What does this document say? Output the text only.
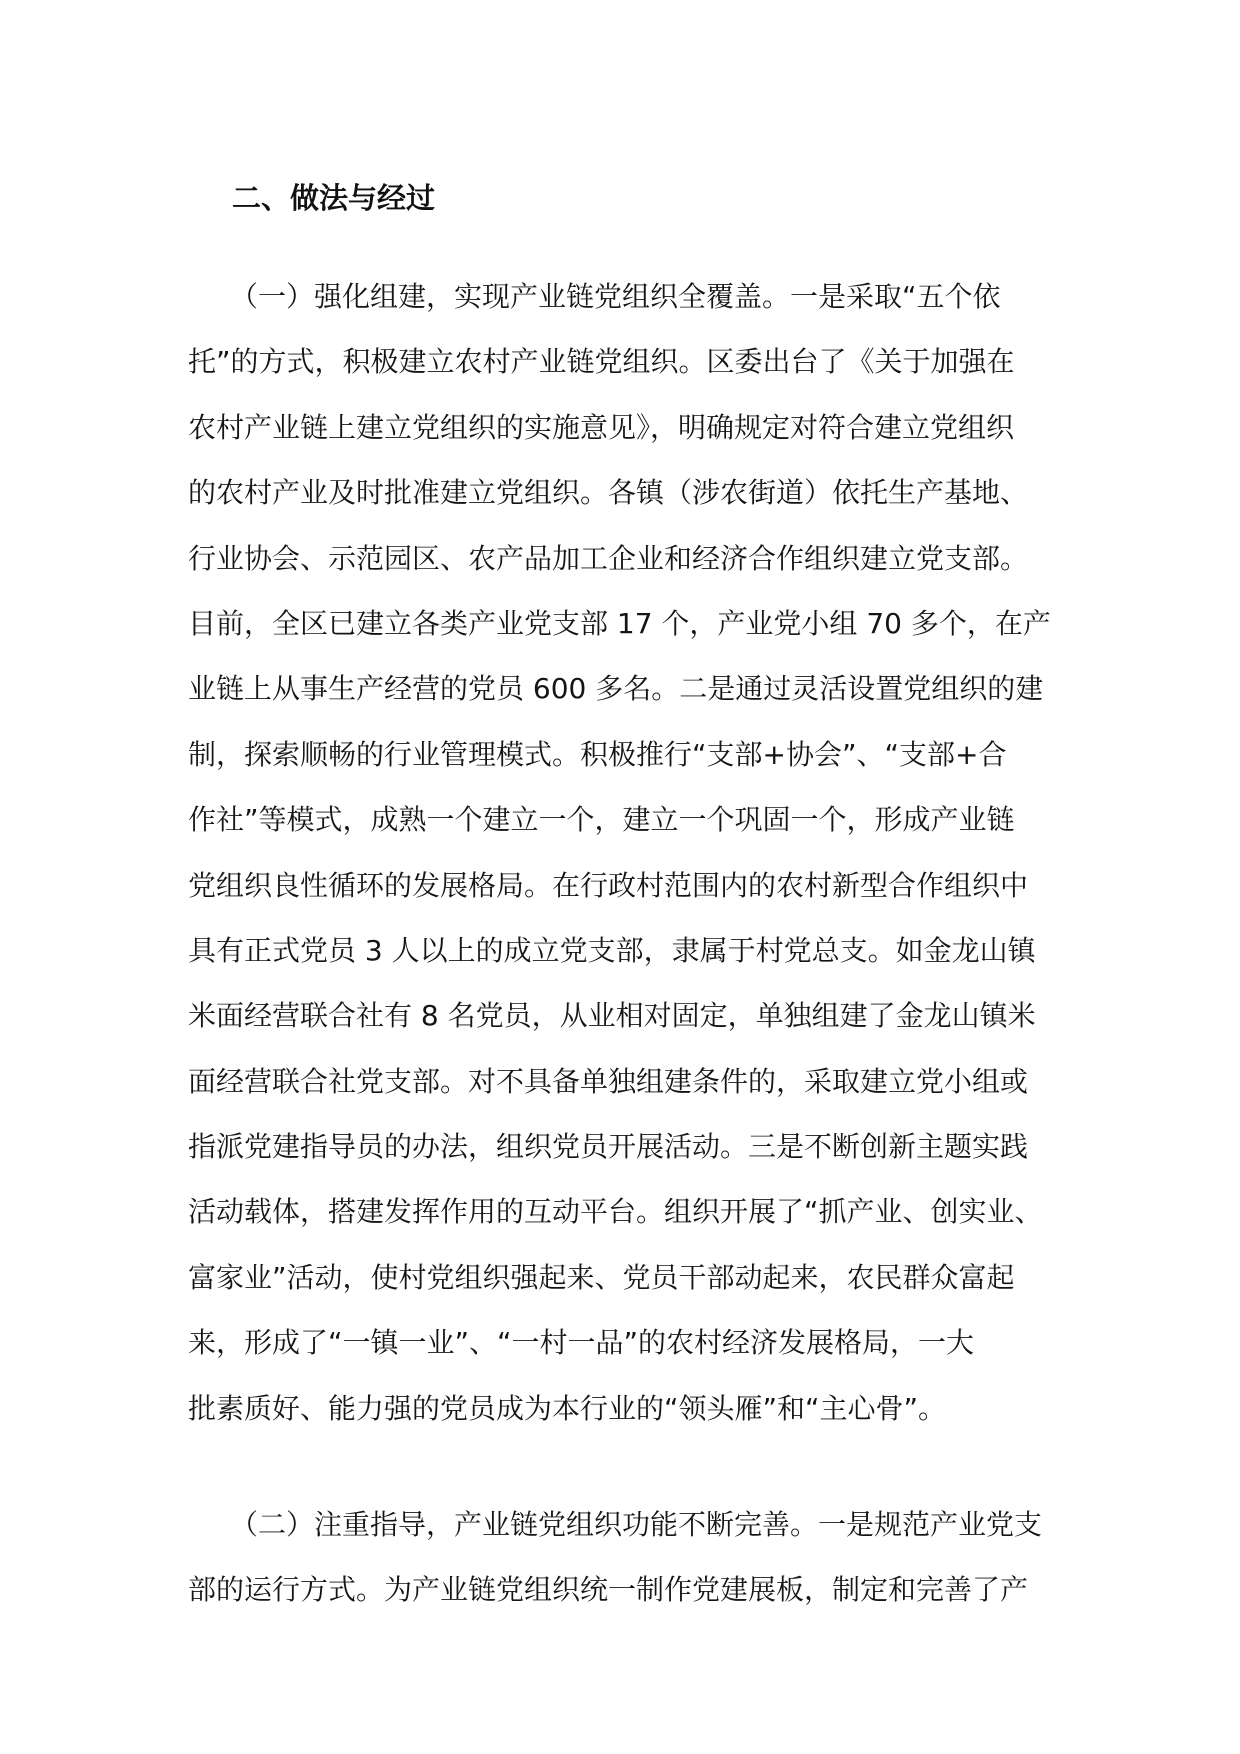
二、做法与经过
（一）强化组建，实现产业链党组织全覆盖。一是采取“五个依
托”的方式，积极建立农村产业链党组织。区委出台了《关于加强在
农村产业链上建立党组织的实施意见》，明确规定对符合建立党组织
的农村产业及时批准建立党组织。各镇（涉农街道）依托生产基地、
行业协会、示范园区、农产品加工企业和经济合作组织建立党支部。
目前，全区已建立各类产业党支部 17 个，产业党小组 70 多个，在产
业链上从事生产经营的党员 600 多名。二是通过灵活设置党组织的建
制，探索顺畅的行业管理模式。积极推行“支部+协会”、“支部+合
作社”等模式，成熟一个建立一个，建立一个巩固一个，形成产业链
党组织良性循环的发展格局。在行政村范围内的农村新型合作组织中
具有正式党员 3 人以上的成立党支部，隶属于村党总支。如金龙山镇
米面经营联合社有 8 名党员，从业相对固定，单独组建了金龙山镇米
面经营联合社党支部。对不具备单独组建条件的，采取建立党小组或
指派党建指导员的办法，组织党员开展活动。三是不断创新主题实践
活动载体，搭建发挥作用的互动平台。组织开展了“抓产业、创实业、
富家业”活动，使村党组织强起来、党员干部动起来，农民群众富起
来，形成了“一镇一业”、“一村一品”的农村经济发展格局，一大
批素质好、能力强的党员成为本行业的“领头雁”和“主心骨”。
（二）注重指导，产业链党组织功能不断完善。一是规范产业党支
部的运行方式。为产业链党组织统一制作党建展板，制定和完善了产
